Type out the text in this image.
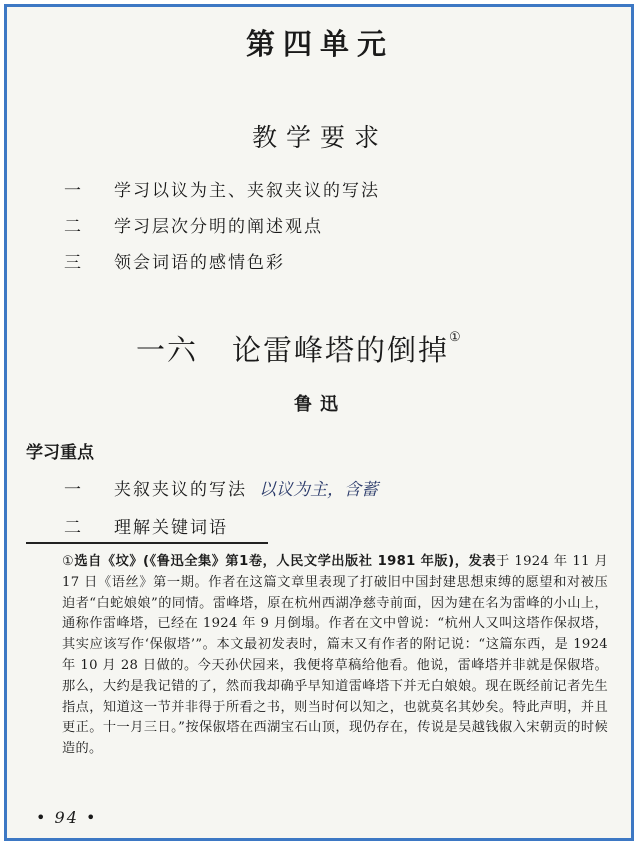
第四单元
教学要求
一	学习以议为主、夹叙夹议的写法
二	学习层次分明的阐述观点
三	领会词语的感情色彩
一六 论雷峰塔的倒掉①
鲁迅
学习重点
一	夹叙夹议的写法 以议为主，含蓄
二	理解关键词语
①选自《坟》(《鲁迅全集》第1卷，人民文学出版社 1981 年版)，发表于 1924 年 11 月 17 日《语丝》第一期。作者在这篇文章里表现了打破旧中国封建思想束缚的愿望和对被压迫者“白蛇娘娘”的同情。雷峰塔，原在杭州西湖净慈寺前面，因为建在名为雷峰的小山上，通称作雷峰塔，已经在 1924 年 9 月倒塌。作者在文中曾说：“杭州人又叫这塔作保叔塔，其实应该写作‘保俶塔’”。本文最初发表时，篇末又有作者的附记说：“这篇东西，是 1924 年 10 月 28 日做的。今天孙伏园来，我便将草稿给他看。他说，雷峰塔并非就是保俶塔。那么，大约是我记错的了，然而我却确乎早知道雷峰塔下并无白娘娘。现在既经前记者先生指点，知道这一节并非得于所看之书，则当时何以知之，也就莫名其妙矣。特此声明，并且更正。十一月三日。”按保俶塔在西湖宝石山顶，现仍存在，传说是吴越钱俶入宋朝贡的时候造的。
• 94 •
